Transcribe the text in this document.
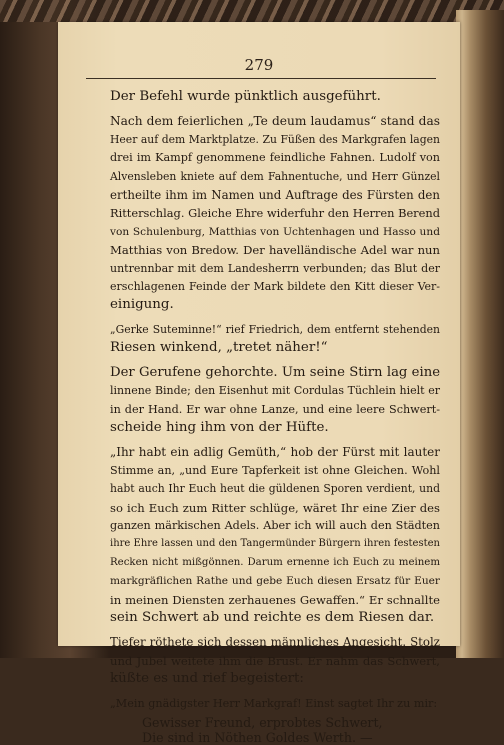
279

Der Befehl wurde pünktlich ausgeführt.

Nach dem feierlichen „Te deum laudamus“ stand das
Heer auf dem Marktplatze. Zu Füßen des Markgrafen lagen
drei im Kampf genommene feindliche Fahnen. Ludolf von
Alvensleben kniete auf dem Fahnentuche, und Herr Günzel
ertheilte ihm im Namen und Auftrage des Fürsten den
Ritterschlag. Gleiche Ehre widerfuhr den Herren Berend
von Schulenburg, Matthias von Uchtenhagen und Hasso und
Matthias von Bredow. Der havelländische Adel war nun
untrennbar mit dem Landesherrn verbunden; das Blut der
erschlagenen Feinde der Mark bildete den Kitt dieser Ver-
einigung.

„Gerke Suteminne!“ rief Friedrich, dem entfernt stehenden
Riesen winkend, „tretet näher!“

Der Gerufene gehorchte. Um seine Stirn lag eine
linnene Binde; den Eisenhut mit Cordulas Tüchlein hielt er
in der Hand. Er war ohne Lanze, und eine leere Schwert-
scheide hing ihm von der Hüfte.

„Ihr habt ein adlig Gemüth,“ hob der Fürst mit lauter
Stimme an, „und Eure Tapferkeit ist ohne Gleichen. Wohl
habt auch Ihr Euch heut die güldenen Sporen verdient, und
so ich Euch zum Ritter schlüge, wäret Ihr eine Zier des
ganzen märkischen Adels. Aber ich will auch den Städten
ihre Ehre lassen und den Tangermünder Bürgern ihren festesten
Recken nicht mißgönnen. Darum ernenne ich Euch zu meinem
markgräflichen Rathe und gebe Euch diesen Ersatz für Euer
in meinen Diensten zerhauenes Gewaffen.“ Er schnallte
sein Schwert ab und reichte es dem Riesen dar.

Tiefer röthete sich dessen männliches Angesicht. Stolz
und Jubel weitete ihm die Brust. Er nahm das Schwert,
küßte es und rief begeistert:

„Mein gnädigster Herr Markgraf! Einst sagtet Ihr zu mir:

Gewisser Freund, erprobtes Schwert,
Die sind in Nöthen Goldes Werth. —
